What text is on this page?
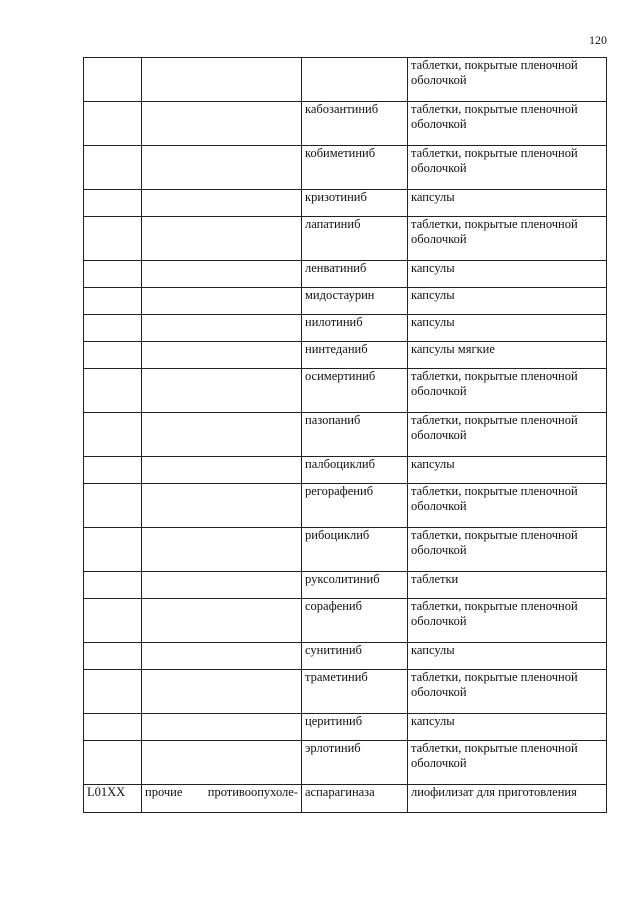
120
			таблетки, покрытые пленочной оболочкой
		кабозантиниб	таблетки, покрытые пленочной оболочкой
		кобиметиниб	таблетки, покрытые пленочной оболочкой
		кризотиниб	капсулы
		лапатиниб	таблетки, покрытые пленочной оболочкой
		ленватиниб	капсулы
		мидостаурин	капсулы
		нилотиниб	капсулы
		нинтеданиб	капсулы мягкие
		осимертиниб	таблетки, покрытые пленочной оболочкой
		пазопаниб	таблетки, покрытые пленочной оболочкой
		палбоциклиб	капсулы
		регорафениб	таблетки, покрытые пленочной оболочкой
		рибоциклиб	таблетки, покрытые пленочной оболочкой
		руксолитиниб	таблетки
		сорафениб	таблетки, покрытые пленочной оболочкой
		сунитиниб	капсулы
		траметиниб	таблетки, покрытые пленочной оболочкой
		церитиниб	капсулы
		эрлотиниб	таблетки, покрытые пленочной оболочкой
L01XX	прочие противоопухоле-	аспарагиназа	лиофилизат для приготовления
